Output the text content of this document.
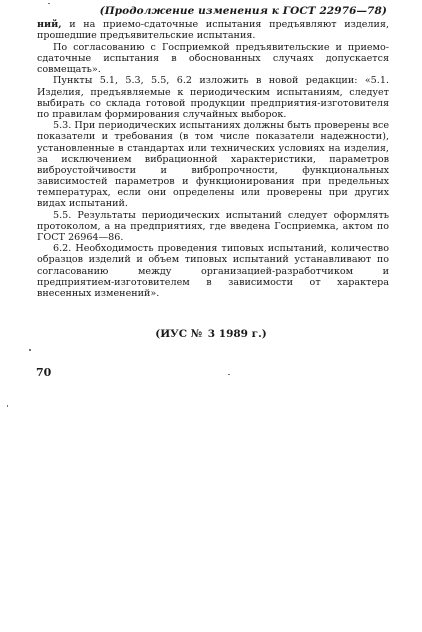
(Продолжение изменения к ГОСТ 22976—78)

ний, и на приемо-сдаточные испытания предъявляют изделия, прошедшие предъявительские испытания.

По согласованию с Госприемкой предъявительские и приемо-сдаточные испытания в обоснованных случаях допускается совмещать».

Пункты 5.1, 5.3, 5.5, 6.2 изложить в новой редакции: «5.1. Изделия, предъявляемые к периодическим испытаниям, следует выбирать со склада готовой продукции предприятия-изготовителя по правилам формирования случайных выборок.

5.3. При периодических испытаниях должны быть проверены все показатели и требования (в том числе показатели надежности), установленные в стандартах или технических условиях на изделия, за исключением вибрационной характеристики, параметров виброустойчивости и вибропрочности, функциональных зависимостей параметров и функционирования при предельных температурах, если они определены или проверены при других видах испытаний.

5.5. Результаты периодических испытаний следует оформлять протоколом, а на предприятиях, где введена Госприемка, актом по ГОСТ 26964—86.

6.2. Необходимость проведения типовых испытаний, количество образцов изделий и объем типовых испытаний устанавливают по согласованию между организацией-разработчиком и предприятием-изготовителем в зависимости от характера внесенных изменений».

(ИУС № 3 1989 г.)
70
